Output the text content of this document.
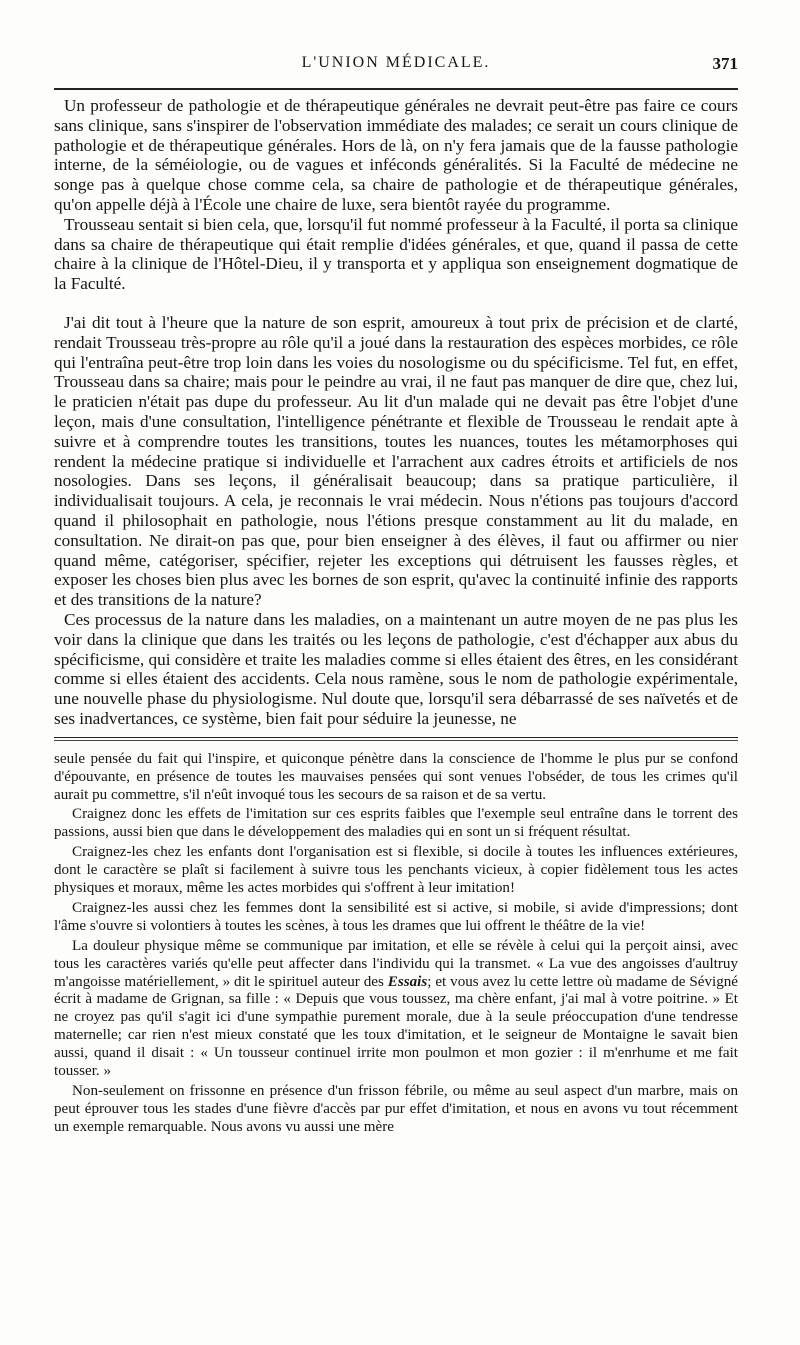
L'UNION MÉDICALE.	371

Un professeur de pathologie et de thérapeutique générales ne devrait peut-être pas faire ce cours sans clinique, sans s'inspirer de l'observation immédiate des malades; ce serait un cours clinique de pathologie et de thérapeutique générales. Hors de là, on n'y fera jamais que de la fausse pathologie interne, de la séméiologie, ou de vagues et inféconds généralités. Si la Faculté de médecine ne songe pas à quelque chose comme cela, sa chaire de pathologie et de thérapeutique générales, qu'on appelle déjà à l'École une chaire de luxe, sera bientôt rayée du programme.

Trousseau sentait si bien cela, que, lorsqu'il fut nommé professeur à la Faculté, il porta sa clinique dans sa chaire de thérapeutique qui était remplie d'idées générales, et que, quand il passa de cette chaire à la clinique de l'Hôtel-Dieu, il y transporta et y appliqua son enseignement dogmatique de la Faculté.

J'ai dit tout à l'heure que la nature de son esprit, amoureux à tout prix de précision et de clarté, rendait Trousseau très-propre au rôle qu'il a joué dans la restauration des espèces morbides, ce rôle qui l'entraîna peut-être trop loin dans les voies du nosologisme ou du spécificisme. Tel fut, en effet, Trousseau dans sa chaire; mais pour le peindre au vrai, il ne faut pas manquer de dire que, chez lui, le praticien n'était pas dupe du professeur. Au lit d'un malade qui ne devait pas être l'objet d'une leçon, mais d'une consultation, l'intelligence pénétrante et flexible de Trousseau le rendait apte à suivre et à comprendre toutes les transitions, toutes les nuances, toutes les métamorphoses qui rendent la médecine pratique si individuelle et l'arrachent aux cadres étroits et artificiels de nos nosologies. Dans ses leçons, il généralisait beaucoup; dans sa pratique particulière, il individualisait toujours. A cela, je reconnais le vrai médecin. Nous n'étions pas toujours d'accord quand il philosophait en pathologie, nous l'étions presque constamment au lit du malade, en consultation. Ne dirait-on pas que, pour bien enseigner à des élèves, il faut ou affirmer ou nier quand même, catégoriser, spécifier, rejeter les exceptions qui détruisent les fausses règles, et exposer les choses bien plus avec les bornes de son esprit, qu'avec la continuité infinie des rapports et des transitions de la nature?

Ces processus de la nature dans les maladies, on a maintenant un autre moyen de ne pas plus les voir dans la clinique que dans les traités ou les leçons de pathologie, c'est d'échapper aux abus du spécificisme, qui considère et traite les maladies comme si elles étaient des êtres, en les considérant comme si elles étaient des accidents. Cela nous ramène, sous le nom de pathologie expérimentale, une nouvelle phase du physiologisme. Nul doute que, lorsqu'il sera débarrassé de ses naïvetés et de ses inadvertances, ce système, bien fait pour séduire la jeunesse, ne

seule pensée du fait qui l'inspire, et quiconque pénètre dans la conscience de l'homme le plus pur se confond d'épouvante, en présence de toutes les mauvaises pensées qui sont venues l'obséder, de tous les crimes qu'il aurait pu commettre, s'il n'eût invoqué tous les secours de sa raison et de sa vertu.

Craignez donc les effets de l'imitation sur ces esprits faibles que l'exemple seul entraîne dans le torrent des passions, aussi bien que dans le développement des maladies qui en sont un si fréquent résultat.

Craignez-les chez les enfants dont l'organisation est si flexible, si docile à toutes les influences extérieures, dont le caractère se plaît si facilement à suivre tous les penchants vicieux, à copier fidèlement tous les actes physiques et moraux, même les actes morbides qui s'offrent à leur imitation!

Craignez-les aussi chez les femmes dont la sensibilité est si active, si mobile, si avide d'impressions; dont l'âme s'ouvre si volontiers à toutes les scènes, à tous les drames que lui offrent le théâtre de la vie!

La douleur physique même se communique par imitation, et elle se révèle à celui qui la perçoit ainsi, avec tous les caractères variés qu'elle peut affecter dans l'individu qui la transmet. « La vue des angoisses d'aultruy m'angoisse matériellement, » dit le spirituel auteur des Essais; et vous avez lu cette lettre où madame de Sévigné écrit à madame de Grignan, sa fille : « Depuis que vous toussez, ma chère enfant, j'ai mal à votre poitrine. » Et ne croyez pas qu'il s'agit ici d'une sympathie purement morale, due à la seule préoccupation d'une tendresse maternelle; car rien n'est mieux constaté que les toux d'imitation, et le seigneur de Montaigne le savait bien aussi, quand il disait : « Un tousseur continuel irrite mon poulmon et mon gozier : il m'enrhume et me fait tousser. »

Non-seulement on frissonne en présence d'un frisson fébrile, ou même au seul aspect d'un marbre, mais on peut éprouver tous les stades d'une fièvre d'accès par pur effet d'imitation, et nous en avons vu tout récemment un exemple remarquable. Nous avons vu aussi une mère
